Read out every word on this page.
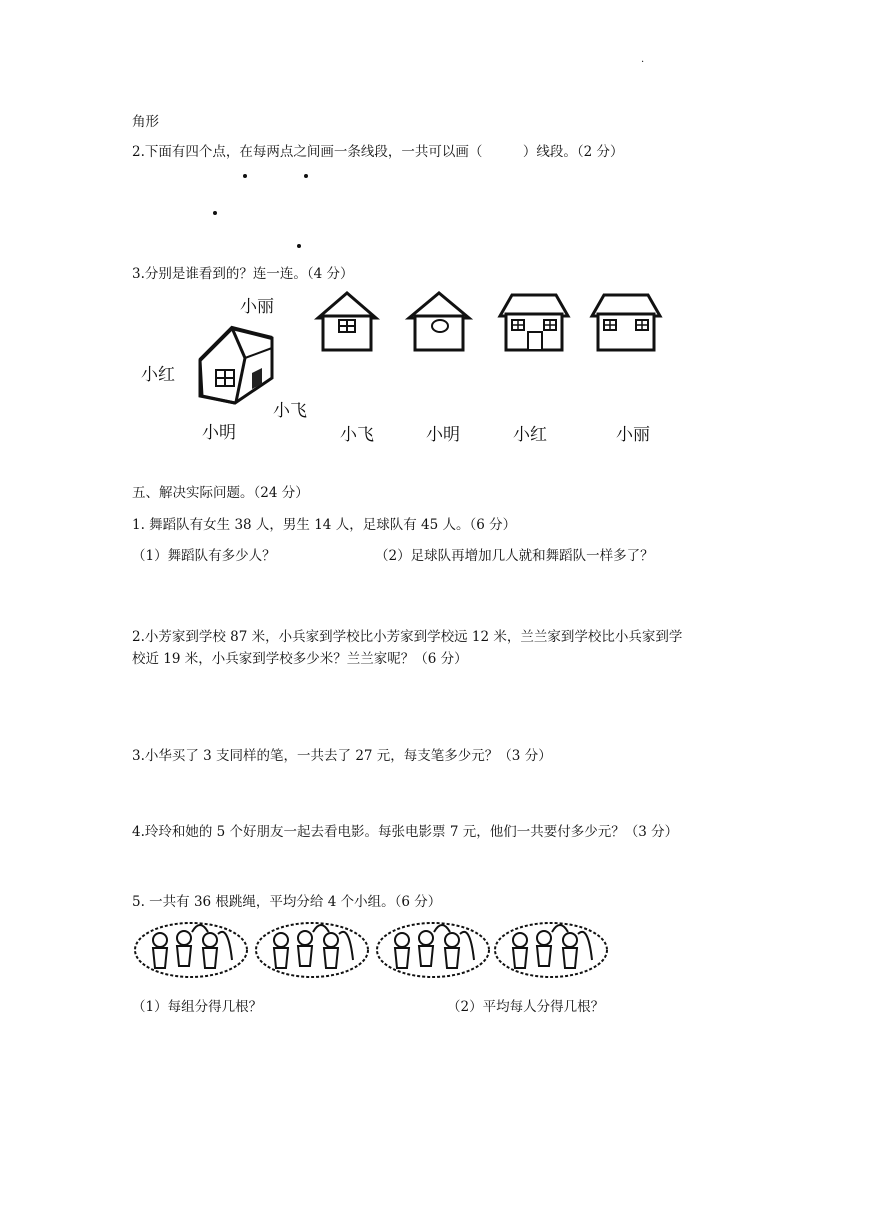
.
角形
2.下面有四个点，在每两点之间画一条线段，一共可以画（　　　）线段。（2 分）
3.分别是谁看到的？连一连。（4 分）
小丽
小红
小飞
小明	小飞	小明	小红	小丽
五、解决实际问题。（24 分）
1. 舞蹈队有女生 38 人，男生 14 人，足球队有 45 人。（6 分）
（1）舞蹈队有多少人？	（2）足球队再增加几人就和舞蹈队一样多了？
2.小芳家到学校 87 米，小兵家到学校比小芳家到学校远 12 米，兰兰家到学校比小兵家到学
校近 19 米，小兵家到学校多少米？兰兰家呢？（6 分）
3.小华买了 3 支同样的笔，一共去了 27 元，每支笔多少元？（3 分）
4.玲玲和她的 5 个好朋友一起去看电影。每张电影票 7 元，他们一共要付多少元？（3 分）
5. 一共有 36 根跳绳，平均分给 4 个小组。（6 分）
（1）每组分得几根？	（2）平均每人分得几根？
